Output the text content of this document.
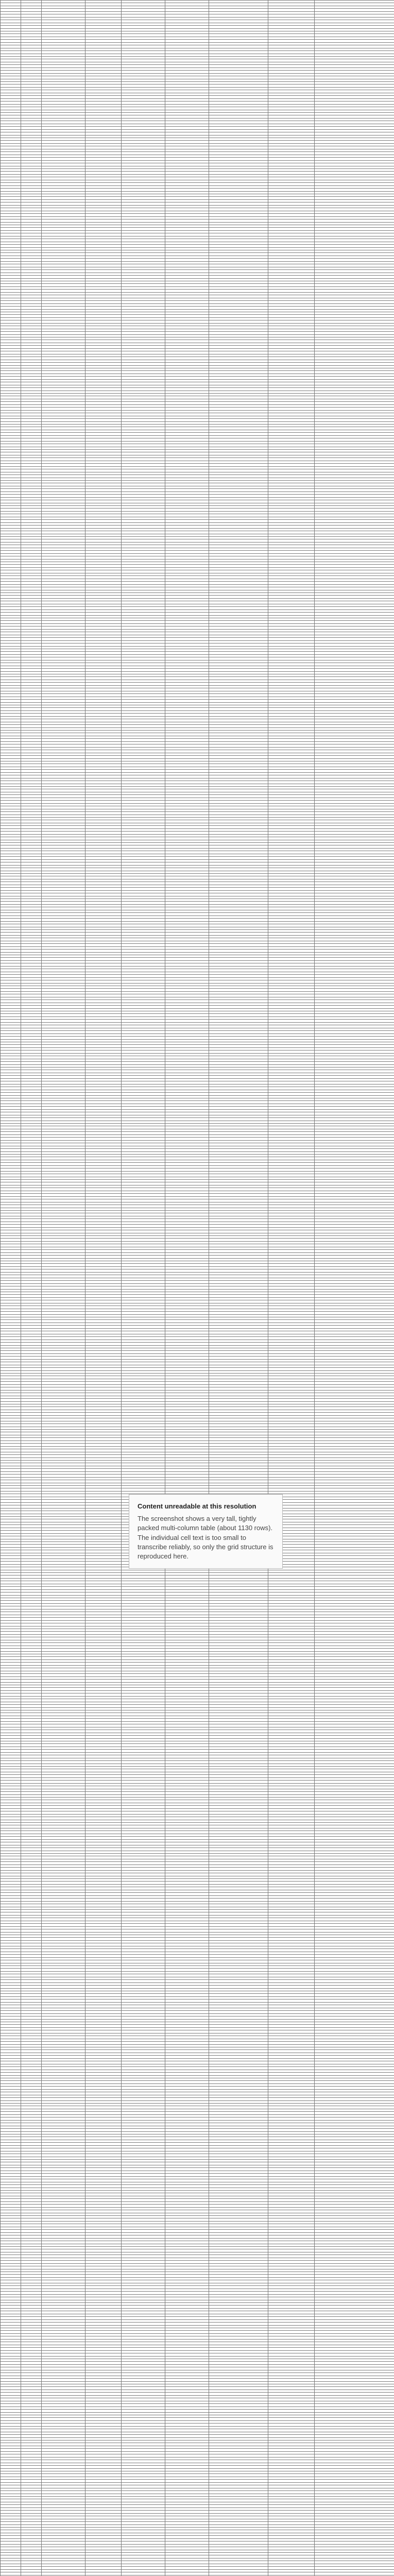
Content unreadable at this resolution
The screenshot shows a very tall, tightly packed multi-column table (about 1130 rows). The individual cell text is too small to transcribe reliably, so only the grid structure is reproduced here.
